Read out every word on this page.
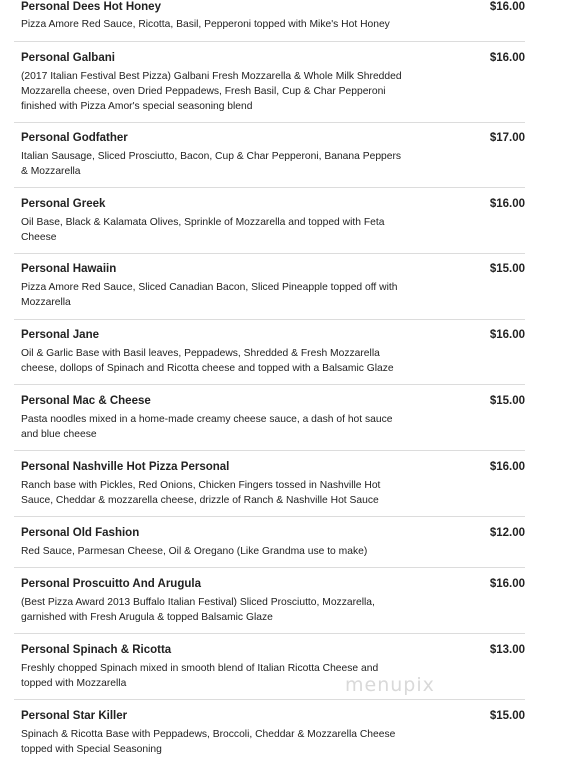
Personal Dees Hot Honey	$16.00
Pizza Amore Red Sauce, Ricotta, Basil, Pepperoni topped with Mike's Hot Honey
Personal Galbani	$16.00
(2017 Italian Festival Best Pizza) Galbani Fresh Mozzarella & Whole Milk Shredded Mozzarella cheese, oven Dried Peppadews, Fresh Basil, Cup & Char Pepperoni finished with Pizza Amor's special seasoning blend
Personal Godfather	$17.00
Italian Sausage, Sliced Prosciutto, Bacon, Cup & Char Pepperoni, Banana Peppers & Mozzarella
Personal Greek	$16.00
Oil Base, Black & Kalamata Olives, Sprinkle of Mozzarella and topped with Feta Cheese
Personal Hawaiin	$15.00
Pizza Amore Red Sauce, Sliced Canadian Bacon, Sliced Pineapple topped off with Mozzarella
Personal Jane	$16.00
Oil & Garlic Base with Basil leaves, Peppadews, Shredded & Fresh Mozzarella cheese, dollops of Spinach and Ricotta cheese and topped with a Balsamic Glaze
Personal Mac & Cheese	$15.00
Pasta noodles mixed in a home-made creamy cheese sauce, a dash of hot sauce and blue cheese
Personal Nashville Hot Pizza Personal	$16.00
Ranch base with Pickles, Red Onions, Chicken Fingers tossed in Nashville Hot Sauce, Cheddar & mozzarella cheese, drizzle of Ranch & Nashville Hot Sauce
Personal Old Fashion	$12.00
Red Sauce, Parmesan Cheese, Oil & Oregano (Like Grandma use to make)
Personal Proscuitto And Arugula	$16.00
(Best Pizza Award 2013 Buffalo Italian Festival) Sliced Prosciutto, Mozzarella, garnished with Fresh Arugula & topped Balsamic Glaze
Personal Spinach & Ricotta	$13.00
Freshly chopped Spinach mixed in smooth blend of Italian Ricotta Cheese and topped with Mozzarella
Personal Star Killer	$15.00
Spinach & Ricotta Base with Peppadews, Broccoli, Cheddar & Mozzarella Cheese topped with Special Seasoning
menupix
